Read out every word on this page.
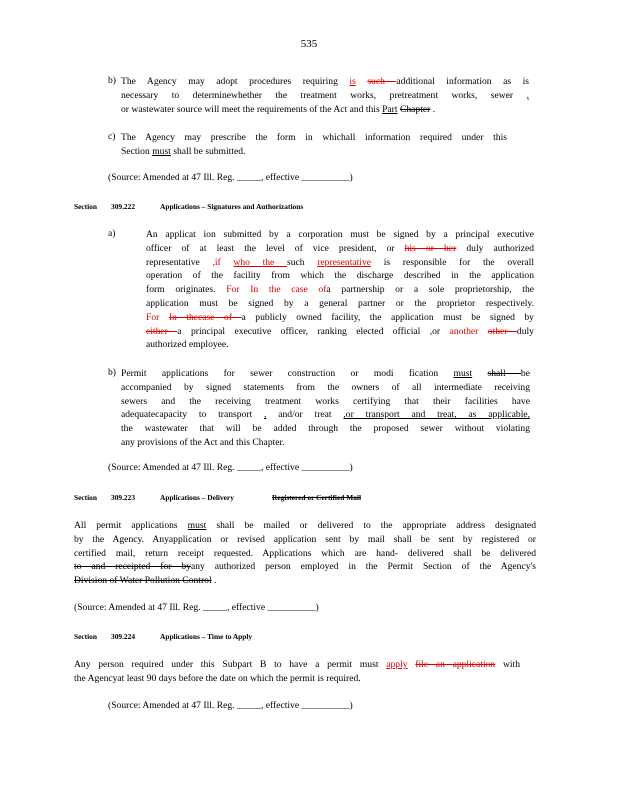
535
b) The Agency may adopt procedures requiring is such additional information as is
necessary to determinewhether the treatment works, pretreatment works, sewer ,
or wastewater source will meet the requirements of the Act and this Part Chapter .
c) The Agency may prescribe the form in whichall information required under this
Section must shall be submitted.
(Source: Amended at 47 Ill. Reg. _____, effective __________)
Section 309.222	Applications – Signatures and Authorizations
a)	An applicat ion submitted by a corporation must be signed by a principal executive
officer of at least the level of vice president, or his or her duly authorized
representative ,if who the such representative is responsible for the overall
operation of the facility from which the discharge described in the application
form originates. For In the case ofa partnership or a sole proprietorship, the
application must be signed by a general partner or the proprietor respectively.
For In thecase of a publicly owned facility, the application must be signed by
either a principal executive officer, ranking elected official ,or another other duly
authorized employee.
b) Permit applications for sewer construction or modi fication must shall be
accompanied by signed statements from the owners of all intermediate receiving
sewers and the receiving treatment works certifying that their facilities have
adequatecapacity to transport , and/or treat ,or transport and treat, as applicable,
the wastewater that will be added through the proposed sewer without violating
any provisions of the Act and this Chapter.
(Source: Amended at 47 Ill. Reg. _____, effective __________)
Section 309.223	Applications – Delivery	Registered or Certified Mail
All permit applications must shall be mailed or delivered to the appropriate address designated
by the Agency. Anyapplication or revised application sent by mail shall be sent by registered or
certified mail, return receipt requested. Applications which are hand- delivered shall be delivered
to and receipted for byany authorized person employed in the Permit Section of the Agency's
Division of Water Pollution Control .
(Source: Amended at 47 Ill. Reg. _____, effective __________)
Section 309.224	Applications – Time to Apply
Any person required under this Subpart B to have a permit must apply file an application with
the Agencyat least 90 days before the date on which the permit is required.
(Source: Amended at 47 Ill. Reg. _____, effective __________)
